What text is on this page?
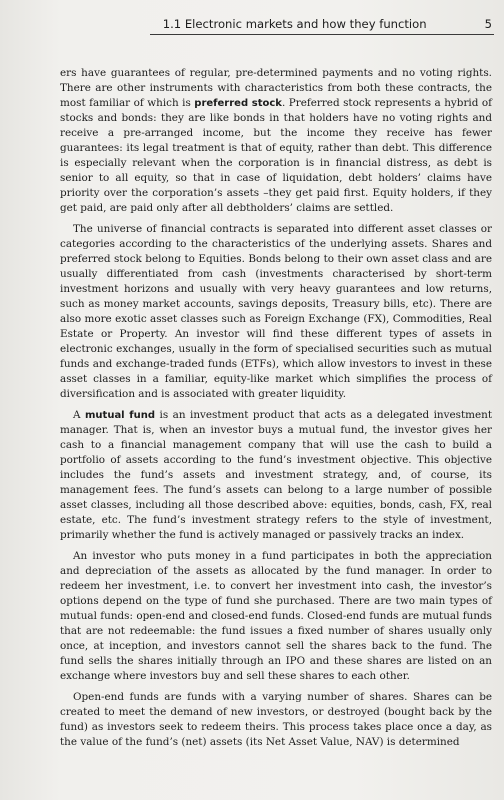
1.1 Electronic markets and how they function	5

ers have guarantees of regular, pre-determined payments and no voting rights. There are other instruments with characteristics from both these contracts, the most familiar of which is preferred stock. Preferred stock represents a hybrid of stocks and bonds: they are like bonds in that holders have no voting rights and receive a pre-arranged income, but the income they receive has fewer guarantees: its legal treatment is that of equity, rather than debt. This difference is especially relevant when the corporation is in financial distress, as debt is senior to all equity, so that in case of liquidation, debt holders’ claims have priority over the corporation’s assets –they get paid first. Equity holders, if they get paid, are paid only after all debtholders’ claims are settled.

The universe of financial contracts is separated into different asset classes or categories according to the characteristics of the underlying assets. Shares and preferred stock belong to Equities. Bonds belong to their own asset class and are usually differentiated from cash (investments characterised by short-term investment horizons and usually with very heavy guarantees and low returns, such as money market accounts, savings deposits, Treasury bills, etc). There are also more exotic asset classes such as Foreign Exchange (FX), Commodities, Real Estate or Property. An investor will find these different types of assets in electronic exchanges, usually in the form of specialised securities such as mutual funds and exchange-traded funds (ETFs), which allow investors to invest in these asset classes in a familiar, equity-like market which simplifies the process of diversification and is associated with greater liquidity.

A mutual fund is an investment product that acts as a delegated investment manager. That is, when an investor buys a mutual fund, the investor gives her cash to a financial management company that will use the cash to build a portfolio of assets according to the fund’s investment objective. This objective includes the fund’s assets and investment strategy, and, of course, its management fees. The fund’s assets can belong to a large number of possible asset classes, including all those described above: equities, bonds, cash, FX, real estate, etc. The fund’s investment strategy refers to the style of investment, primarily whether the fund is actively managed or passively tracks an index.

An investor who puts money in a fund participates in both the appreciation and depreciation of the assets as allocated by the fund manager. In order to redeem her investment, i.e. to convert her investment into cash, the investor’s options depend on the type of fund she purchased. There are two main types of mutual funds: open-end and closed-end funds. Closed-end funds are mutual funds that are not redeemable: the fund issues a fixed number of shares usually only once, at inception, and investors cannot sell the shares back to the fund. The fund sells the shares initially through an IPO and these shares are listed on an exchange where investors buy and sell these shares to each other.

Open-end funds are funds with a varying number of shares. Shares can be created to meet the demand of new investors, or destroyed (bought back by the fund) as investors seek to redeem theirs. This process takes place once a day, as the value of the fund’s (net) assets (its Net Asset Value, NAV) is determined
